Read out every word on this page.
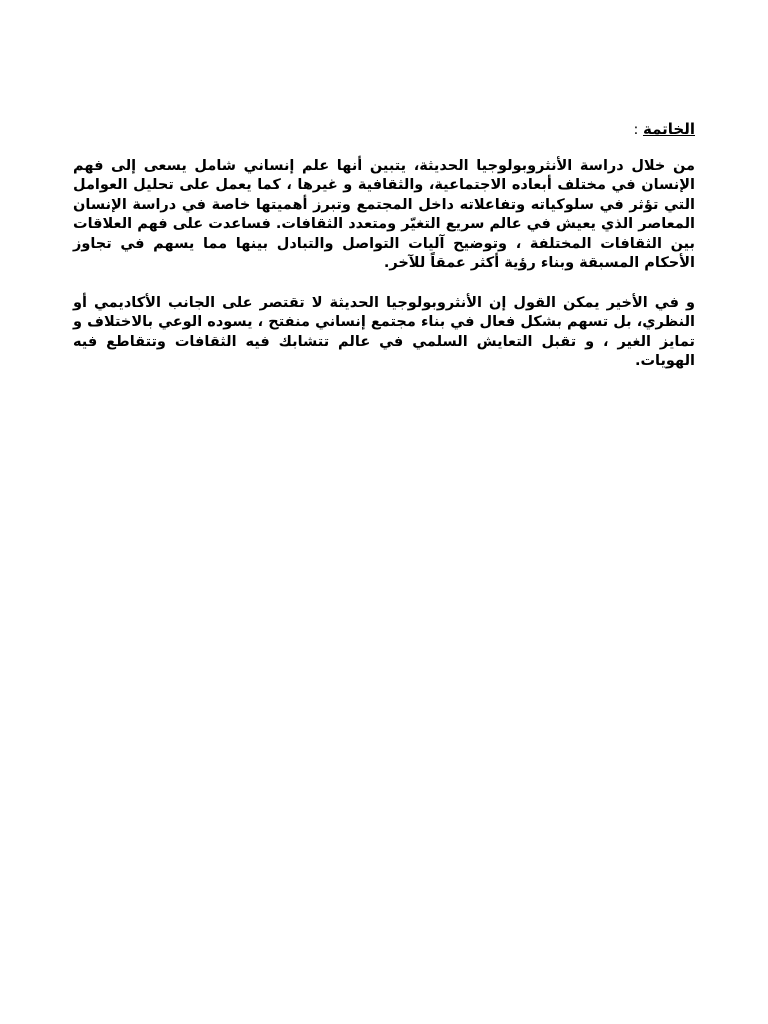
الخاتمة :

من خلال دراسة الأنثروبولوجيا الحديثة، يتبين أنها علم إنساني شامل يسعى إلى فهم الإنسان في مختلف أبعاده الاجتماعية، والثقافية و غيرها ، كما يعمل على تحليل العوامل التي تؤثر في سلوكياته وتفاعلاته داخل المجتمع وتبرز أهميتها خاصة في دراسة الإنسان المعاصر الذي يعيش في عالم سريع التغيّر ومتعدد الثقافات. فساعدت على فهم العلاقات بين الثقافات المختلفة ، وتوضيح آليات التواصل والتبادل بينها مما يسهم في تجاوز الأحكام المسبقة وبناء رؤية أكثر عمقاً للآخر.

و في الأخير يمكن القول إن الأنثروبولوجيا الحديثة لا تقتصر على الجانب الأكاديمي أو النظري، بل تسهم بشكل فعال في بناء مجتمع إنساني منفتح ، يسوده الوعي بالاختلاف و تمايز الغير ، و تقبل التعايش السلمي في عالم تتشابك فيه الثقافات وتتقاطع فيه الهويات.
